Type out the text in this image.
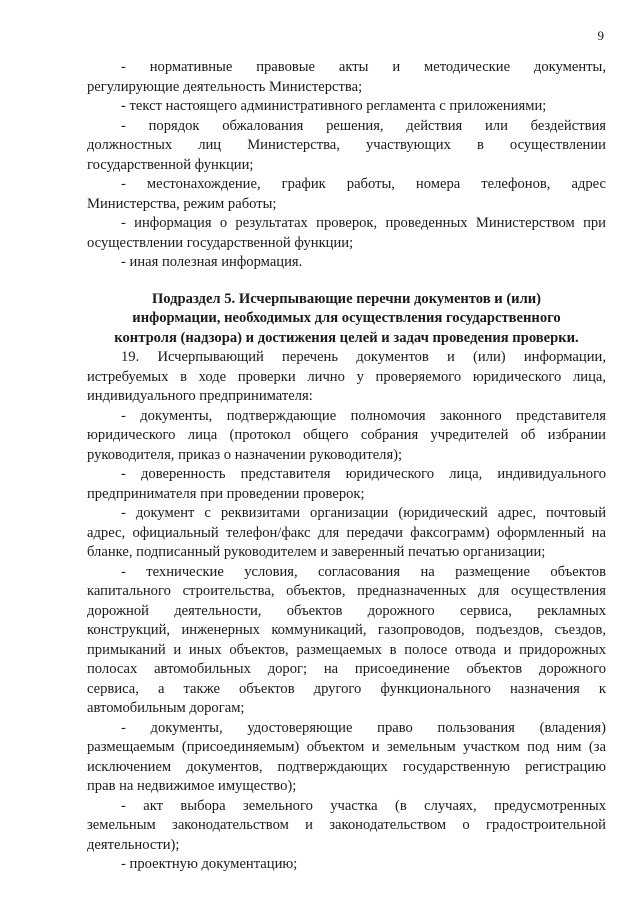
9
- нормативные правовые акты и методические документы,
регулирующие деятельность Министерства;
- текст настоящего административного регламента с приложениями;
- порядок обжалования решения, действия или бездействия
должностных лиц Министерства, участвующих в осуществлении
государственной функции;
- местонахождение, график работы, номера телефонов, адрес
Министерства, режим работы;
- информация о результатах проверок, проведенных Министерством при
осуществлении государственной функции;
- иная полезная информация.
Подраздел 5. Исчерпывающие перечни документов и (или)
информации, необходимых для осуществления государственного
контроля (надзора) и достижения целей и задач проведения проверки.
19. Исчерпывающий перечень документов и (или) информации,
истребуемых в ходе проверки лично у проверяемого юридического лица,
индивидуального предпринимателя:
- документы, подтверждающие полномочия законного представителя
юридического лица (протокол общего собрания учредителей об избрании
руководителя, приказ о назначении руководителя);
- доверенность представителя юридического лица, индивидуального
предпринимателя при проведении проверок;
- документ с реквизитами организации (юридический адрес, почтовый
адрес, официальный телефон/факс для передачи факсограмм) оформленный на
бланке, подписанный руководителем и заверенный печатью организации;
- технические условия, согласования на размещение объектов
капитального строительства, объектов, предназначенных для осуществления
дорожной деятельности, объектов дорожного сервиса, рекламных
конструкций, инженерных коммуникаций, газопроводов, подъездов, съездов,
примыканий и иных объектов, размещаемых в полосе отвода и придорожных
полосах автомобильных дорог; на присоединение объектов дорожного
сервиса, а также объектов другого функционального назначения к
автомобильным дорогам;
- документы, удостоверяющие право пользования (владения)
размещаемым (присоединяемым) объектом и земельным участком под ним (за
исключением документов, подтверждающих государственную регистрацию
прав на недвижимое имущество);
- акт выбора земельного участка (в случаях, предусмотренных
земельным законодательством и законодательством о градостроительной
деятельности);
- проектную документацию;
